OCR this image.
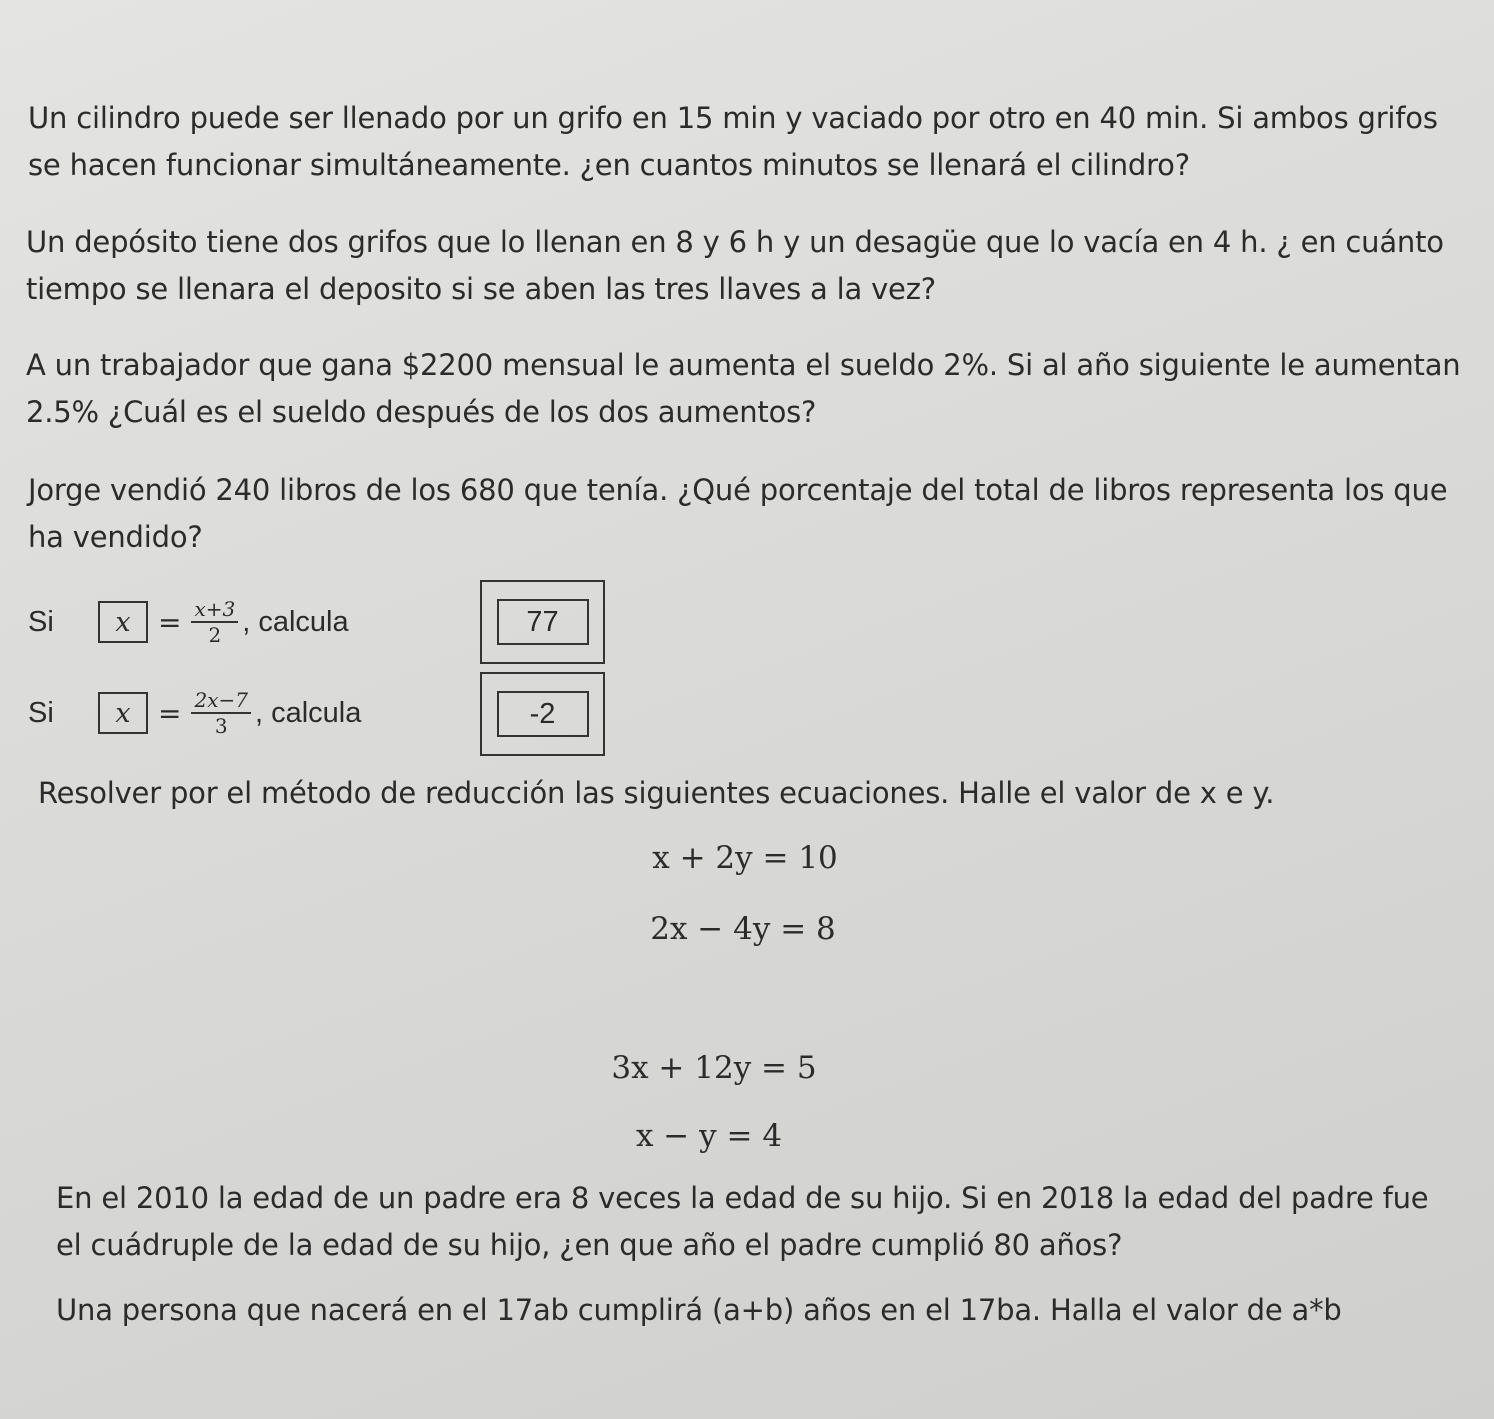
Un cilindro puede ser llenado por un grifo en 15 min y vaciado por otro en 40 min. Si ambos grifos se hacen funcionar simultáneamente. ¿en cuantos minutos se llenará el cilindro?

Un depósito tiene dos grifos que lo llenan en 8 y 6 h y un desagüe que lo vacía en 4 h. ¿ en cuánto tiempo se llenara el deposito si se aben las tres llaves a la vez?

A un trabajador que gana $2200 mensual le aumenta el sueldo 2%. Si al año siguiente le aumentan 2.5% ¿Cuál es el sueldo después de los dos aumentos?

Jorge vendió 240 libros de los 680 que tenía. ¿Qué porcentaje del total de libros representa los que ha vendido?

Si	$x = \frac{x+3}{2}$ , calcula	77
Si	$x = \frac{2x-7}{3}$ , calcula	-2

Resolver por el método de reducción las siguientes ecuaciones. Halle el valor de x e y.

x + 2y = 10
2x − 4y = 8
3x + 12y = 5
x − y = 4

En el 2010 la edad de un padre era 8 veces la edad de su hijo. Si en 2018 la edad del padre fue el cuádruple de la edad de su hijo, ¿en que año el padre cumplió 80 años?

Una persona que nacerá en el 17ab cumplirá (a+b) años en el 17ba. Halla el valor de a*b
